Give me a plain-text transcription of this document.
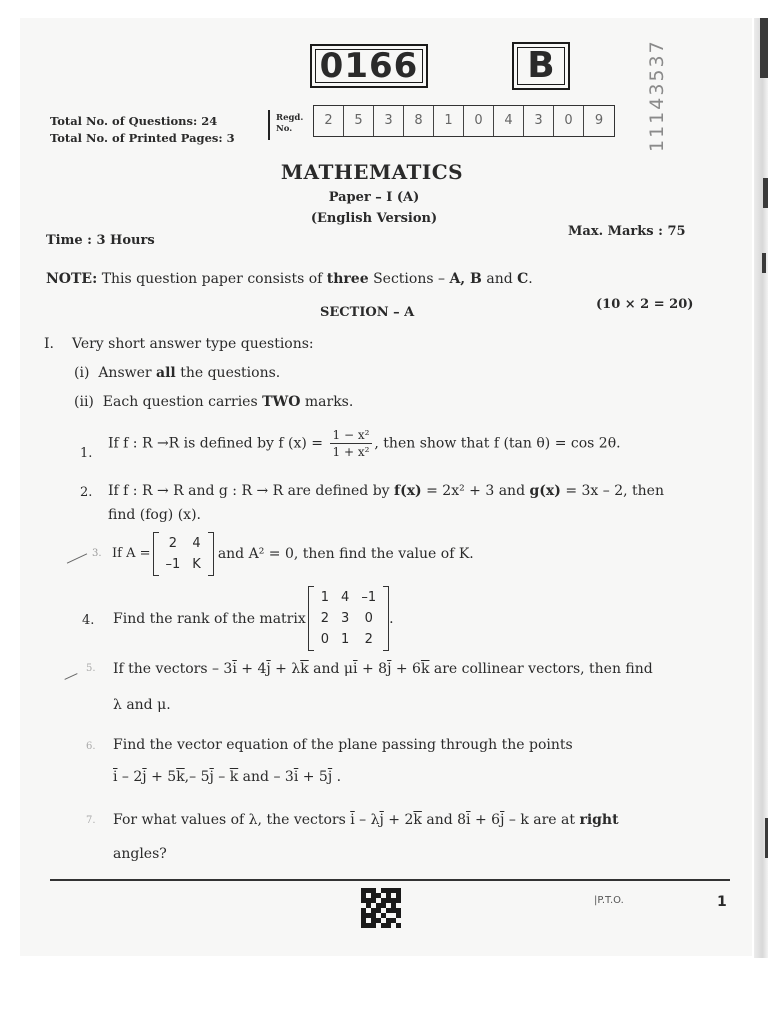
0166	B	11143537
Total No. of Questions: 24
Total No. of Printed Pages: 3
Regd.
No.
2	5	3	8	1	0	4	3	0	9
MATHEMATICS
Paper – I (A)
(English Version)
Time : 3 Hours
Max. Marks : 75
NOTE: This question paper consists of three Sections – A, B and C.
SECTION – A
(10 × 2 = 20)
I. Very short answer type questions:
(i) Answer all the questions.
(ii) Each question carries TWO marks.
1.
If f : R →R is defined by f $(x) = \frac{\text{1 − x²}}{\text{1 + x²}}$ , then show that f (tan θ) = cos 2θ.
2. If f : R → R and g : R → R are defined by f(x) = 2x² + 3 and g(x) = 3x – 2, then
find (fog) (x).
3. If A =
2	4
–1	K
and A² = 0, then find the value of K.
4. Find the rank of the matrix
1	4	–1
2	3	0
0	1	2
.
5. If the vectors – $3\overline{i} + 4\overline{j} + \lambda\overline{k}$ and $\mu\overline{i} + 8\overline{j} + 6\overline{k}$ are collinear vectors, then find
λ and μ.
6. Find the vector equation of the plane passing through the points
$\overline{i} - 2\overline{j} + 5\overline{k},-$ $5\overline{j} - \overline{k}$ and – $3\overline{i} + 5\overline{j}$ .
7. For what values of λ, the vectors $\overline{i} - \lambda\overline{j} + 2\overline{k}$ and $8\overline{i} + 6\overline{j} - k$ are at right
angles?
|P.T.O.	1
